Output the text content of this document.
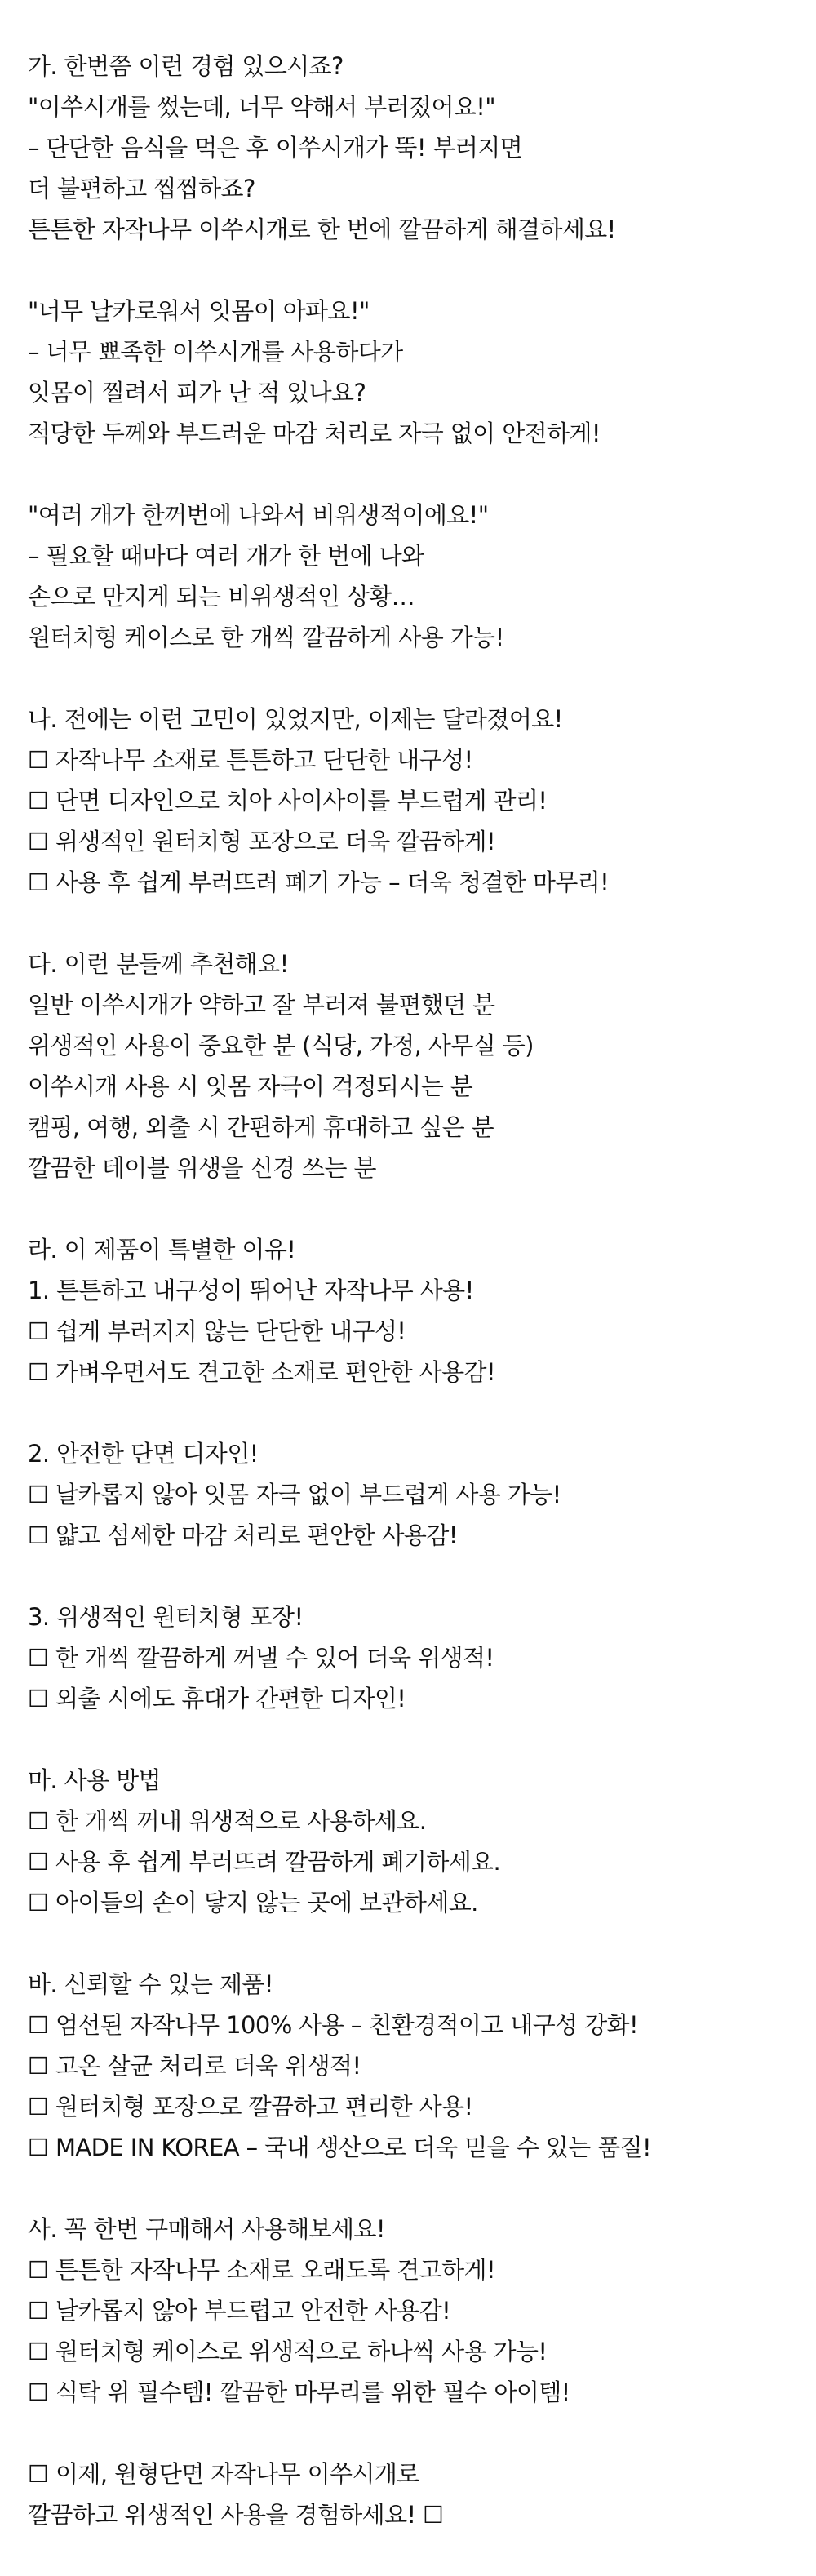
가. 한번쯤 이런 경험 있으시죠?
"이쑤시개를 썼는데, 너무 약해서 부러졌어요!"
– 단단한 음식을 먹은 후 이쑤시개가 뚝! 부러지면
더 불편하고 찝찝하죠?
튼튼한 자작나무 이쑤시개로 한 번에 깔끔하게 해결하세요!
"너무 날카로워서 잇몸이 아파요!"
– 너무 뾰족한 이쑤시개를 사용하다가
잇몸이 찔려서 피가 난 적 있나요?
적당한 두께와 부드러운 마감 처리로 자극 없이 안전하게!
"여러 개가 한꺼번에 나와서 비위생적이에요!"
– 필요할 때마다 여러 개가 한 번에 나와
손으로 만지게 되는 비위생적인 상황…
원터치형 케이스로 한 개씩 깔끔하게 사용 가능!
나. 전에는 이런 고민이 있었지만, 이제는 달라졌어요!
☐ 자작나무 소재로 튼튼하고 단단한 내구성!
☐ 단면 디자인으로 치아 사이사이를 부드럽게 관리!
☐ 위생적인 원터치형 포장으로 더욱 깔끔하게!
☐ 사용 후 쉽게 부러뜨려 폐기 가능 – 더욱 청결한 마무리!
다. 이런 분들께 추천해요!
일반 이쑤시개가 약하고 잘 부러져 불편했던 분
위생적인 사용이 중요한 분 (식당, 가정, 사무실 등)
이쑤시개 사용 시 잇몸 자극이 걱정되시는 분
캠핑, 여행, 외출 시 간편하게 휴대하고 싶은 분
깔끔한 테이블 위생을 신경 쓰는 분
라. 이 제품이 특별한 이유!
1. 튼튼하고 내구성이 뛰어난 자작나무 사용!
☐ 쉽게 부러지지 않는 단단한 내구성!
☐ 가벼우면서도 견고한 소재로 편안한 사용감!
2. 안전한 단면 디자인!
☐ 날카롭지 않아 잇몸 자극 없이 부드럽게 사용 가능!
☐ 얇고 섬세한 마감 처리로 편안한 사용감!
3. 위생적인 원터치형 포장!
☐ 한 개씩 깔끔하게 꺼낼 수 있어 더욱 위생적!
☐ 외출 시에도 휴대가 간편한 디자인!
마. 사용 방법
☐ 한 개씩 꺼내 위생적으로 사용하세요.
☐ 사용 후 쉽게 부러뜨려 깔끔하게 폐기하세요.
☐ 아이들의 손이 닿지 않는 곳에 보관하세요.
바. 신뢰할 수 있는 제품!
☐ 엄선된 자작나무 100% 사용 – 친환경적이고 내구성 강화!
☐ 고온 살균 처리로 더욱 위생적!
☐ 원터치형 포장으로 깔끔하고 편리한 사용!
☐ MADE IN KOREA – 국내 생산으로 더욱 믿을 수 있는 품질!
사. 꼭 한번 구매해서 사용해보세요!
☐ 튼튼한 자작나무 소재로 오래도록 견고하게!
☐ 날카롭지 않아 부드럽고 안전한 사용감!
☐ 원터치형 케이스로 위생적으로 하나씩 사용 가능!
☐ 식탁 위 필수템! 깔끔한 마무리를 위한 필수 아이템!
☐ 이제, 원형단면 자작나무 이쑤시개로
깔끔하고 위생적인 사용을 경험하세요! ☐
